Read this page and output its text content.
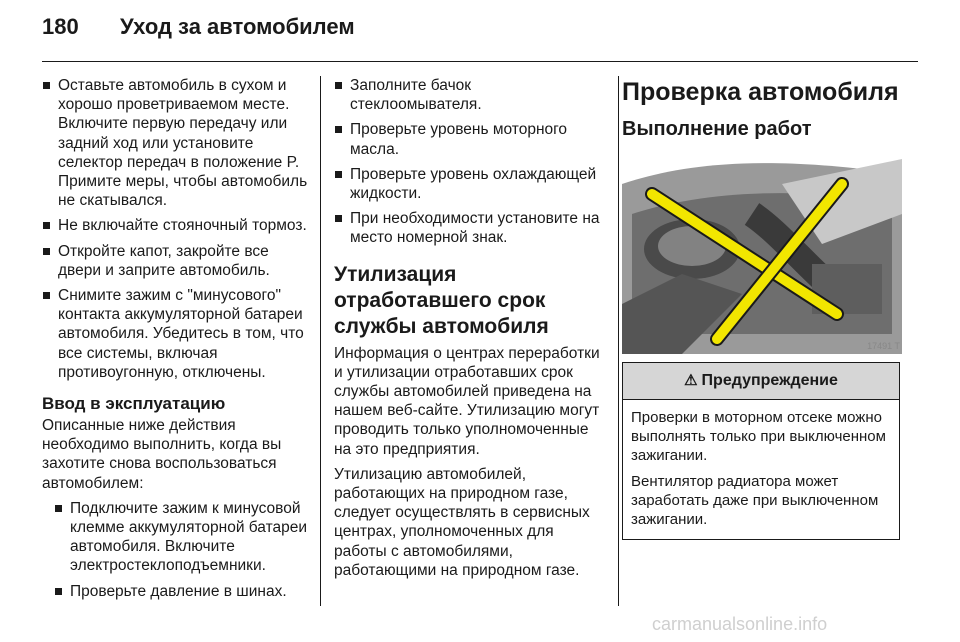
180 Уход за автомобилем
Оставьте автомобиль в сухом и хорошо проветриваемом месте. Включите первую передачу или задний ход или установите селектор передач в положение P. Примите меры, чтобы автомобиль не скатывался.
Не включайте стояночный тормоз.
Откройте капот, закройте все двери и заприте автомобиль.
Снимите зажим с "минусового" контакта аккумуляторной батареи автомобиля. Убедитесь в том, что все системы, включая противоугонную, отключены.
Ввод в эксплуатацию
Описанные ниже действия необходимо выполнить, когда вы захотите снова воспользоваться автомобилем:
Подключите зажим к минусовой клемме аккумуляторной батареи автомобиля. Включите электростеклоподъемники.
Проверьте давление в шинах.
Заполните бачок стеклоомывателя.
Проверьте уровень моторного масла.
Проверьте уровень охлаждающей жидкости.
При необходимости установите на место номерной знак.
Утилизация отработавшего срок службы автомобиля
Информация о центрах переработки и утилизации отработавших срок службы автомобилей приведена на нашем веб-сайте. Утилизацию могут проводить только уполномоченные на это предприятия.
Утилизацию автомобилей, работающих на природном газе, следует осуществлять в сервисных центрах, уполномоченных для работы с автомобилями, работающими на природном газе.
Проверка автомобиля
Выполнение работ
17491 T
⚠ Предупреждение
Проверки в моторном отсеке можно выполнять только при выключенном зажигании.
Вентилятор радиатора может заработать даже при выключенном зажигании.
carmanualsonline.info
